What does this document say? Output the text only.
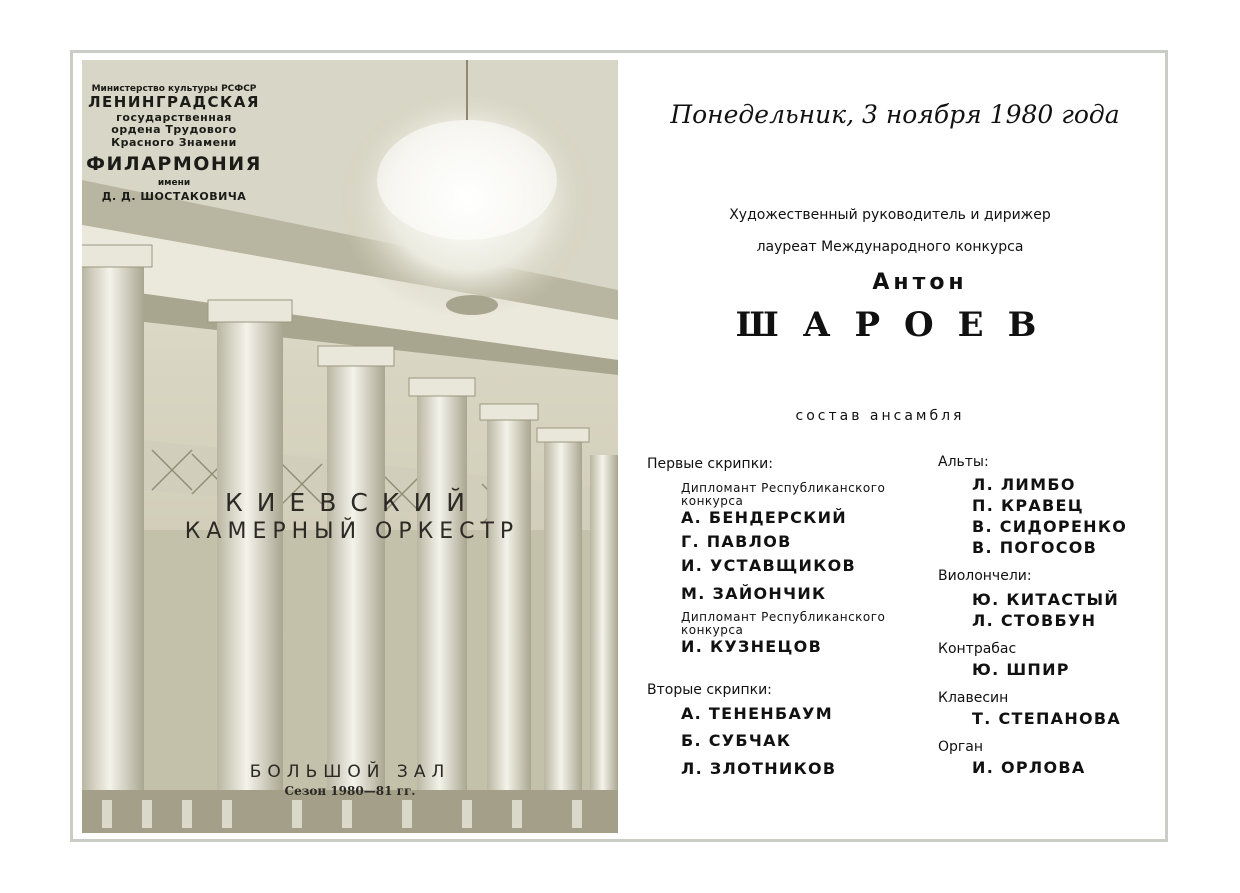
Министерство культуры РСФСР
ЛЕНИНГРАДСКАЯ
государственная
ордена Трудового
Красного Знамени
ФИЛАРМОНИЯ
имени
Д. Д. ШОСТАКОВИЧА
КИЕВСКИЙ
КАМЕРНЫЙ ОРКЕСТР
БОЛЬШОЙ ЗАЛ
Сезон 1980—81 гг.
Понедельник, 3 ноября 1980 года
Художественный руководитель и дирижер
лауреат Международного конкурса
Антон
ШАРОЕВ
состав ансамбля
Первые скрипки:
Дипломант Республиканского
конкурса
А. БЕНДЕРСКИЙ
Г. ПАВЛОВ
И. УСТАВЩИКОВ
М. ЗАЙОНЧИК
Дипломант Республиканского
конкурса
И. КУЗНЕЦОВ
Вторые скрипки:
А. ТЕНЕНБАУМ
Б. СУБЧАК
Л. ЗЛОТНИКОВ
Альты:
Л. ЛИМБО
П. КРАВЕЦ
В. СИДОРЕНКО
В. ПОГОСОВ
Виолончели:
Ю. КИТАСТЫЙ
Л. СТОВБУН
Контрабас
Ю. ШПИР
Клавесин
Т. СТЕПАНОВА
Орган
И. ОРЛОВА
